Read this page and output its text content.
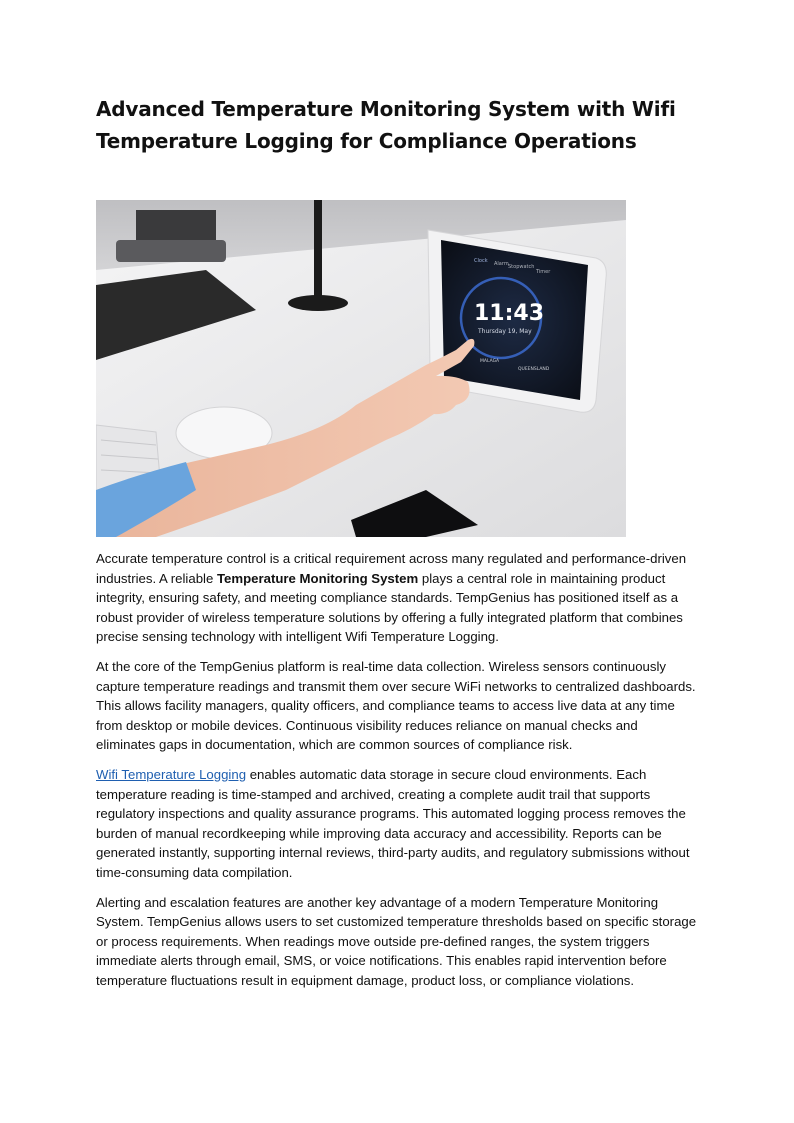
Advanced Temperature Monitoring System with Wifi Temperature Logging for Compliance Operations
11:43
Thursday 19, May
Clock Alarm Stopwatch
Timer
MALAGA
QUEENSLAND

Accurate temperature control is a critical requirement across many regulated and performance-driven industries. A reliable Temperature Monitoring System plays a central role in maintaining product integrity, ensuring safety, and meeting compliance standards. TempGenius has positioned itself as a robust provider of wireless temperature solutions by offering a fully integrated platform that combines precise sensing technology with intelligent Wifi Temperature Logging.

At the core of the TempGenius platform is real-time data collection. Wireless sensors continuously capture temperature readings and transmit them over secure WiFi networks to centralized dashboards. This allows facility managers, quality officers, and compliance teams to access live data at any time from desktop or mobile devices. Continuous visibility reduces reliance on manual checks and eliminates gaps in documentation, which are common sources of compliance risk.

Wifi Temperature Logging enables automatic data storage in secure cloud environments. Each temperature reading is time-stamped and archived, creating a complete audit trail that supports regulatory inspections and quality assurance programs. This automated logging process removes the burden of manual recordkeeping while improving data accuracy and accessibility. Reports can be generated instantly, supporting internal reviews, third-party audits, and regulatory submissions without time-consuming data compilation.

Alerting and escalation features are another key advantage of a modern Temperature Monitoring System. TempGenius allows users to set customized temperature thresholds based on specific storage or process requirements. When readings move outside pre-defined ranges, the system triggers immediate alerts through email, SMS, or voice notifications. This enables rapid intervention before temperature fluctuations result in equipment damage, product loss, or compliance violations.
